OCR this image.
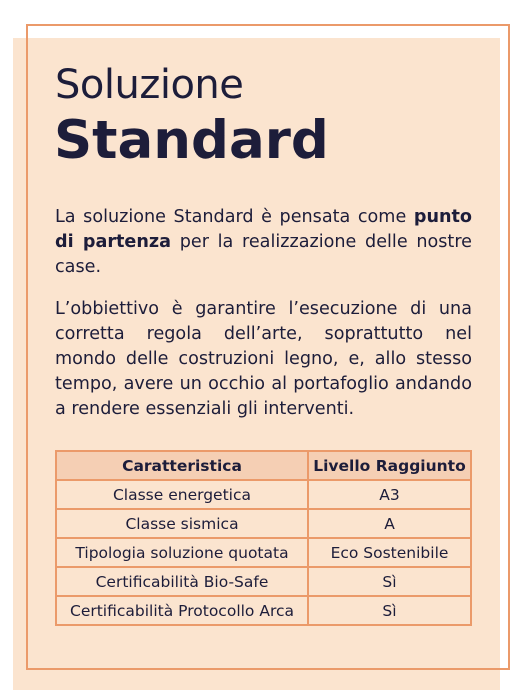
Soluzione
Standard

La soluzione Standard è pensata come punto di partenza per la realizzazione delle nostre case.

L’obbiettivo è garantire l’esecuzione di una corretta regola dell’arte, soprattutto nel mondo delle costruzioni legno, e, allo stesso tempo, avere un occhio al portafoglio andando a rendere essenziali gli interventi.

Caratteristica	Livello Raggiunto
Classe energetica	A3
Classe sismica	A
Tipologia soluzione quotata	Eco Sostenibile
Certificabilità Bio-Safe	Sì
Certificabilità Protocollo Arca	Sì
